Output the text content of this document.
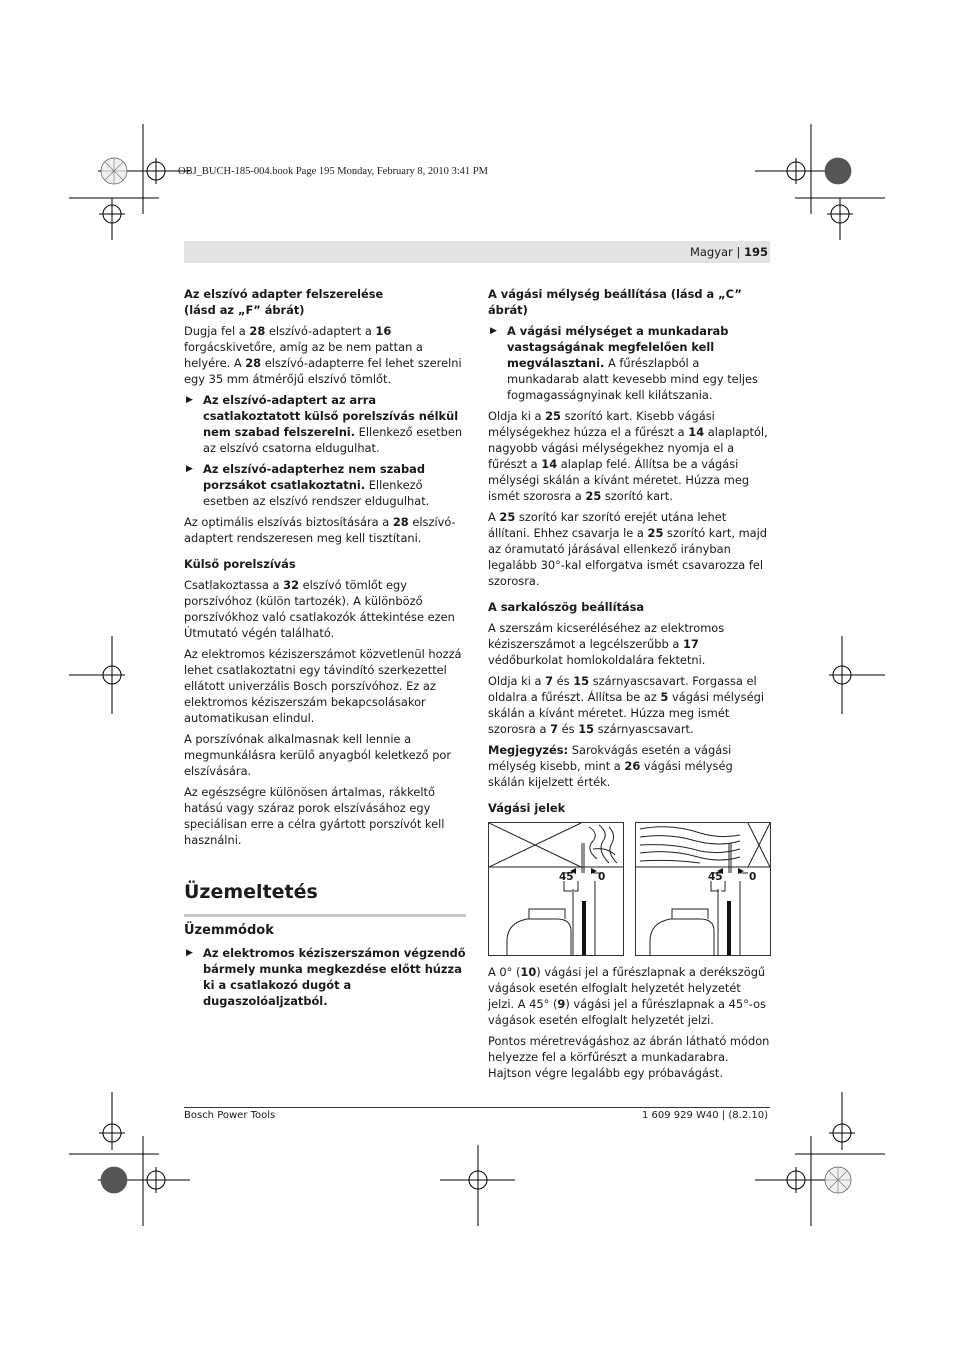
OBJ_BUCH-185-004.book Page 195 Monday, February 8, 2010 3:41 PM
Magyar | 195
Az elszívó adapter felszerelése
(lásd az „F” ábrát)

Dugja fel a 28 elszívó-adaptert a 16 forgácskivetőre, amíg az be nem pattan a helyére. A 28 elszívó-adapterre fel lehet szerelni egy 35 mm átmérőjű elszívó tömlőt.

▶ Az elszívó-adaptert az arra csatlakoztatott külső porelszívás nélkül nem szabad felszerelni. Ellenkező esetben az elszívó csatorna eldugulhat.
▶ Az elszívó-adapterhez nem szabad porzsákot csatlakoztatni. Ellenkező esetben az elszívó rendszer eldugulhat.

Az optimális elszívás biztosítására a 28 elszívó-adaptert rendszeresen meg kell tisztítani.

Külső porelszívás

Csatlakoztassa a 32 elszívó tömlőt egy porszívóhoz (külön tartozék). A különböző porszívókhoz való csatlakozók áttekintése ezen Útmutató végén található.

Az elektromos kéziszerszámot közvetlenül hozzá lehet csatlakoztatni egy távindító szerkezettel ellátott univerzális Bosch porszívóhoz. Ez az elektromos kéziszerszám bekapcsolásakor automatikusan elindul.

A porszívónak alkalmasnak kell lennie a megmunkálásra kerülő anyagból keletkező por elszívására.

Az egészségre különösen ártalmas, rákkeltő hatású vagy száraz porok elszívásához egy speciálisan erre a célra gyártott porszívót kell használni.

Üzemeltetés
Üzemmódok
▶ Az elektromos kéziszerszámon végzendő bármely munka megkezdése előtt húzza ki a csatlakozó dugót a dugaszolóaljzatból.
A vágási mélység beállítása (lásd a „C” ábrát)
▶ A vágási mélységet a munkadarab vastagságának megfelelően kell megválasztani. A fűrészlapból a munkadarab alatt kevesebb mind egy teljes fogmagasságnyinak kell kilátszania.

Oldja ki a 25 szorító kart. Kisebb vágási mélységekhez húzza el a fűrészt a 14 alaplaptól, nagyobb vágási mélységekhez nyomja el a fűrészt a 14 alaplap felé. Állítsa be a vágási mélységi skálán a kívánt méretet. Húzza meg ismét szorosra a 25 szorító kart.

A 25 szorító kar szorító erejét utána lehet állítani. Ehhez csavarja le a 25 szorító kart, majd az óramutató járásával ellenkező irányban legalább 30°-kal elforgatva ismét csavarozza fel szorosra.

A sarkalószög beállítása

A szerszám kicseréléséhez az elektromos kéziszerszámot a legcélszerűbb a 17 védőburkolat homlokoldalára fektetni.

Oldja ki a 7 és 15 szárnyascsavart. Forgassa el oldalra a fűrészt. Állítsa be az 5 vágási mélységi skálán a kívánt méretet. Húzza meg ismét szorosra a 7 és 15 szárnyascsavart.

Megjegyzés: Sarokvágás esetén a vágási mélység kisebb, mint a 26 vágási mélység skálán kijelzett érték.

Vágási jelek
45 0	45	0

A 0° (10) vágási jel a fűrészlapnak a derékszögű vágások esetén elfoglalt helyzetét helyzetét jelzi. A 45° (9) vágási jel a fűrészlapnak a 45°-os vágások esetén elfoglalt helyzetét jelzi.

Pontos méretrevágáshoz az ábrán látható módon helyezze fel a körfűrészt a munkadarabra. Hajtson végre legalább egy próbavágást.

Bosch Power Tools	1 609 929 W40 | (8.2.10)
